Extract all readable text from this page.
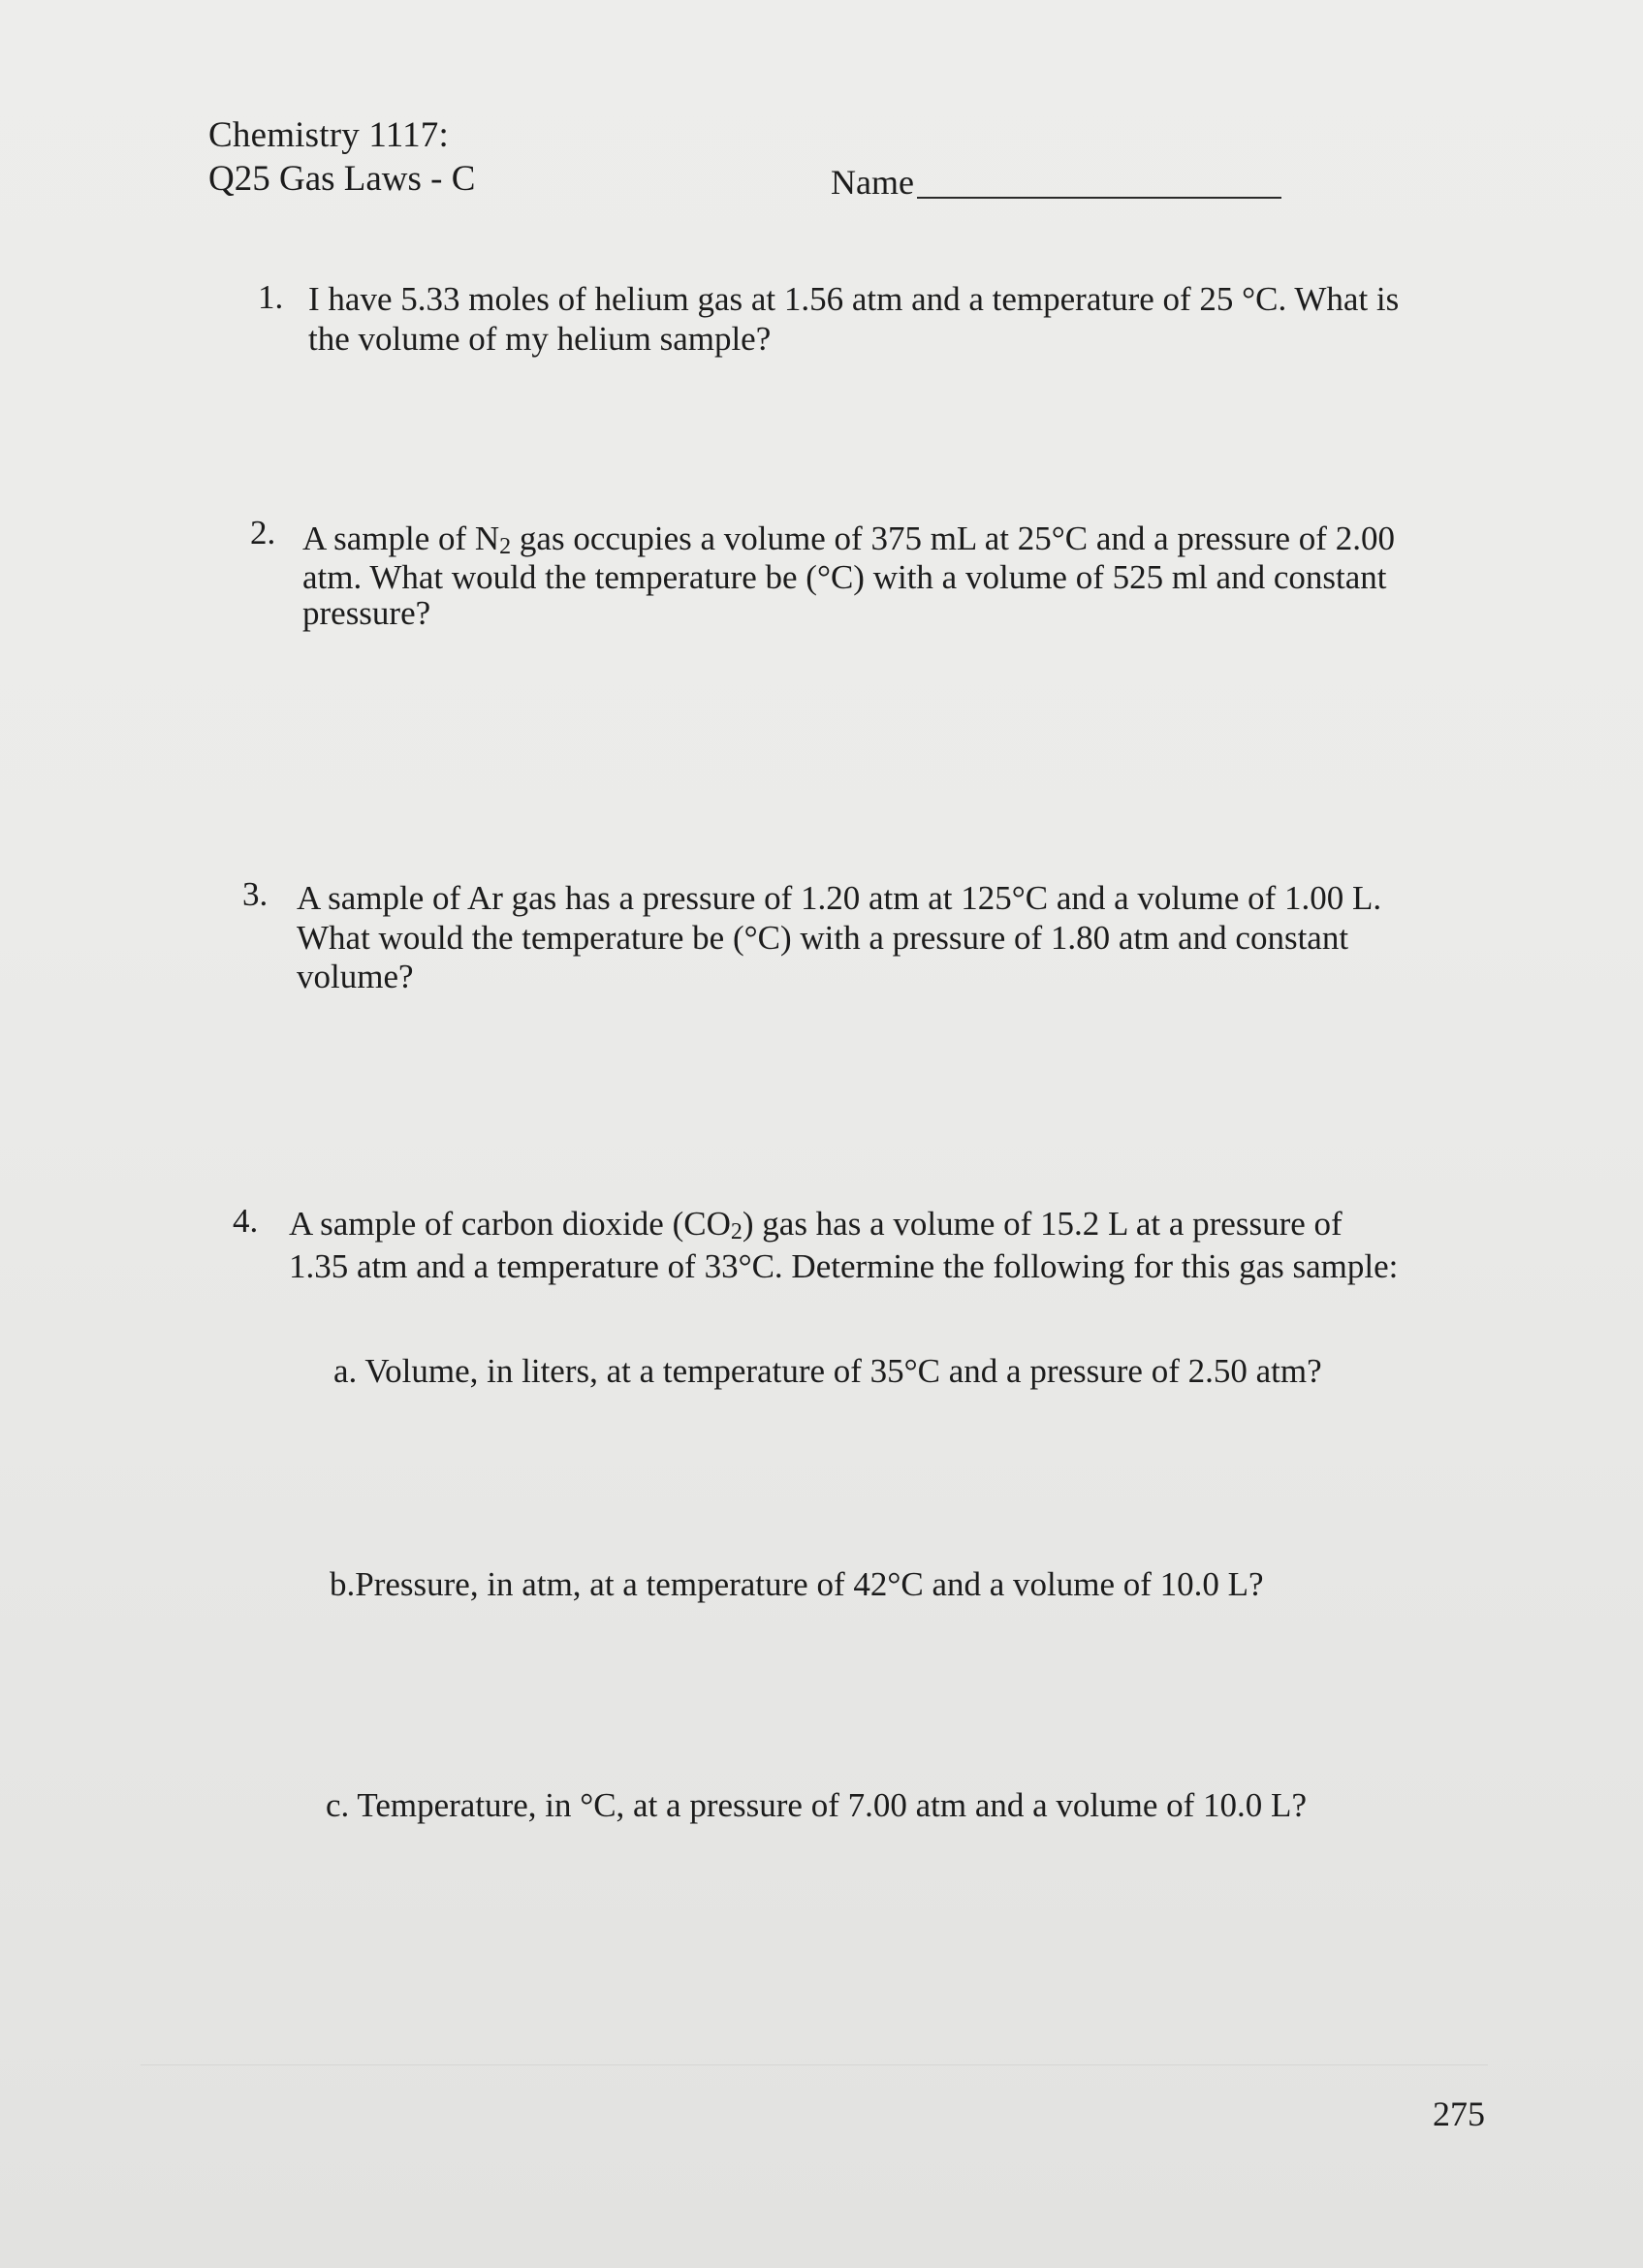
Chemistry 1117:
Q25 Gas Laws - C	Name
1. I have 5.33 moles of helium gas at 1.56 atm and a temperature of 25 °C. What is
the volume of my helium sample?
2. A sample of N2 gas occupies a volume of 375 mL at 25°C and a pressure of 2.00
atm. What would the temperature be (°C) with a volume of 525 ml and constant
pressure?
3. A sample of Ar gas has a pressure of 1.20 atm at 125°C and a volume of 1.00 L.
What would the temperature be (°C) with a pressure of 1.80 atm and constant
volume?
4. A sample of carbon dioxide (CO2) gas has a volume of 15.2 L at a pressure of
1.35 atm and a temperature of 33°C. Determine the following for this gas sample:
a. Volume, in liters, at a temperature of 35°C and a pressure of 2.50 atm?
b.Pressure, in atm, at a temperature of 42°C and a volume of 10.0 L?
c. Temperature, in °C, at a pressure of 7.00 atm and a volume of 10.0 L?
275
